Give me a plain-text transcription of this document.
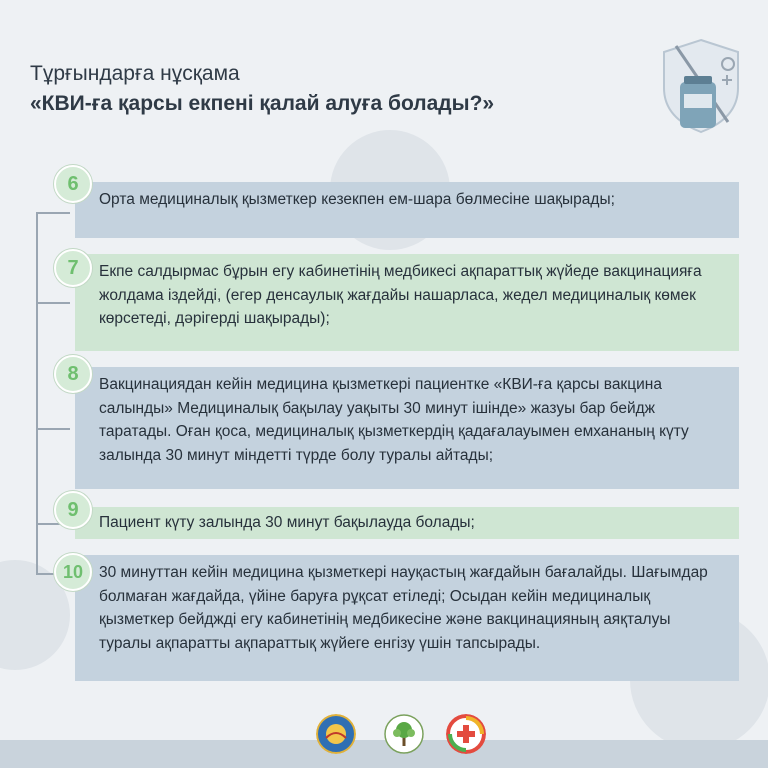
Тұрғындарға нұсқама
«КВИ-ға қарсы екпені қалай алуға болады?»
Орта медициналық қызметкер кезекпен ем-шара бөлмесіне шақырады;
6
Екпе салдырмас бұрын егу кабинетінің медбикесі ақпараттық жүйеде вакцинацияға жолдама іздейді, (егер денсаулық жағдайы нашарласа, жедел медициналық көмек көрсетеді, дәрігерді шақырады);
7
Вакцинациядан кейін медицина қызметкері пациентке «КВИ-ға қарсы вакцина салынды» Медициналық бақылау уақыты 30 минут ішінде» жазуы бар бейдж таратады. Оған қоса, медициналық қызметкердің қадағалауымен емхананың күту залында 30 минут міндетті түрде болу туралы айтады;
8
Пациент күту залында 30 минут бақылауда болады;
9
30 минуттан кейін медицина қызметкері науқастың жағдайын бағалайды. Шағымдар болмаған жағдайда, үйіне баруға рұқсат етіледі; Осыдан кейін медициналық қызметкер бейджді егу кабинетінің медбикесіне және вакцинацияның аяқталуы туралы ақпаратты ақпараттық жүйеге енгізу үшін тапсырады.
10
